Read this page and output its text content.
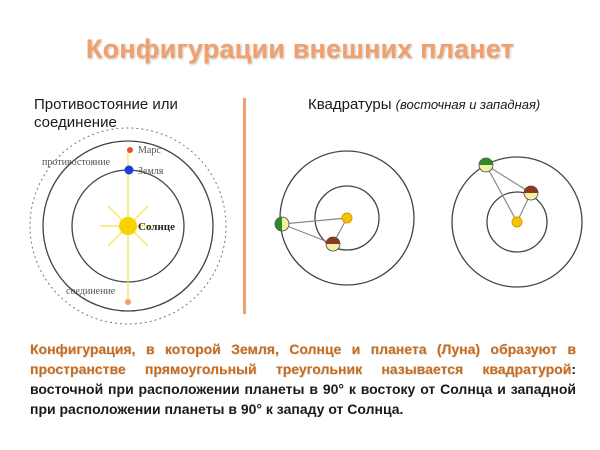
Конфигурации внешних планет
Противостояние или соединение
Квадратуры (восточная и западная)
Марс
Земля
Солнце
противостояние
соединение
Конфигурация, в которой Земля, Солнце и планета (Луна) образуют в пространстве прямоугольный треугольник называется квадратурой: восточной при расположении планеты в 90° к востоку от Солнца и западной при расположении планеты в 90° к западу от Солнца.
